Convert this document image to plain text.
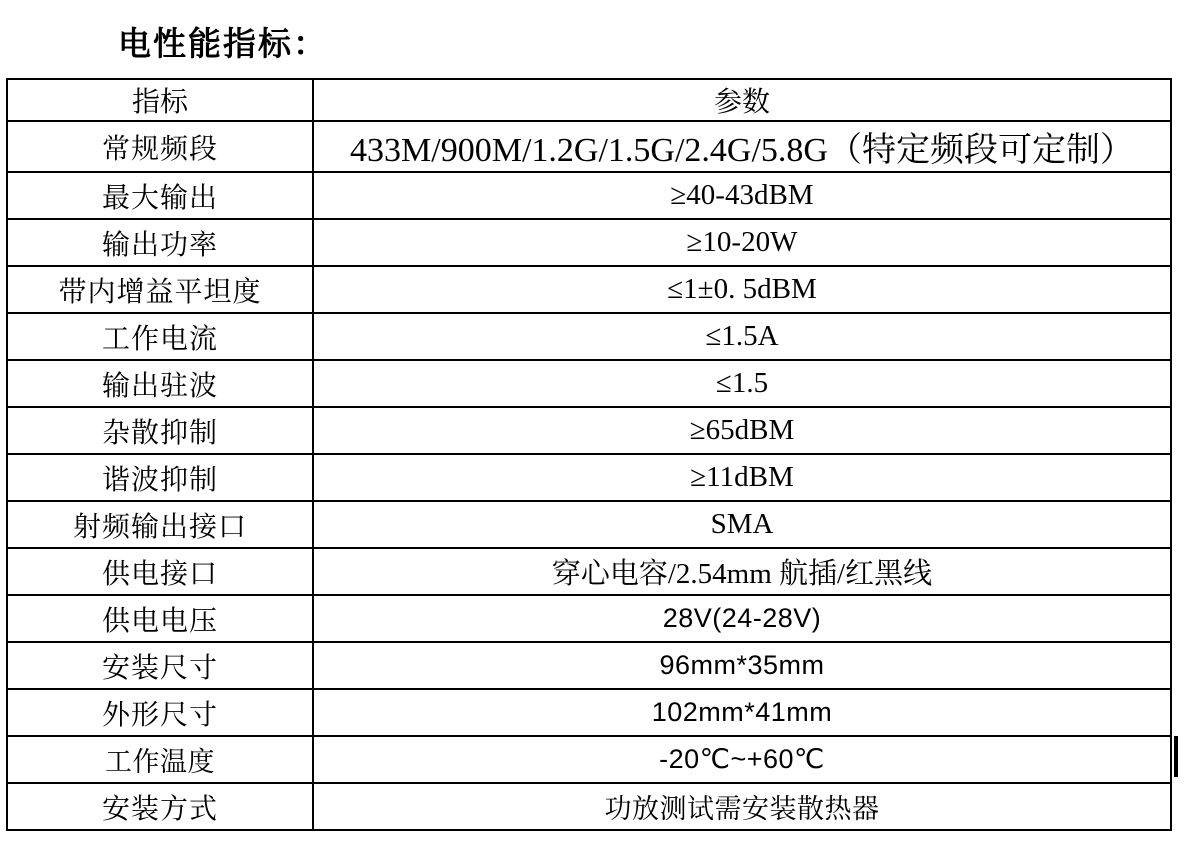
电性能指标：
指标	参数
常规频段	433M/900M/1.2G/1.5G/2.4G/5.8G（特定频段可定制）
最大输出	≥40-43dBM
输出功率	≥10-20W
带内增益平坦度	≤1±0. 5dBM
工作电流	≤1.5A
输出驻波	≤1.5
杂散抑制	≥65dBM
谐波抑制	≥11dBM
射频输出接口	SMA
供电接口	穿心电容/2.54mm 航插/红黑线
供电电压	28V(24-28V)
安装尺寸	96mm*35mm
外形尺寸	102mm*41mm
工作温度	-20℃~+60℃
安装方式	功放测试需安装散热器
